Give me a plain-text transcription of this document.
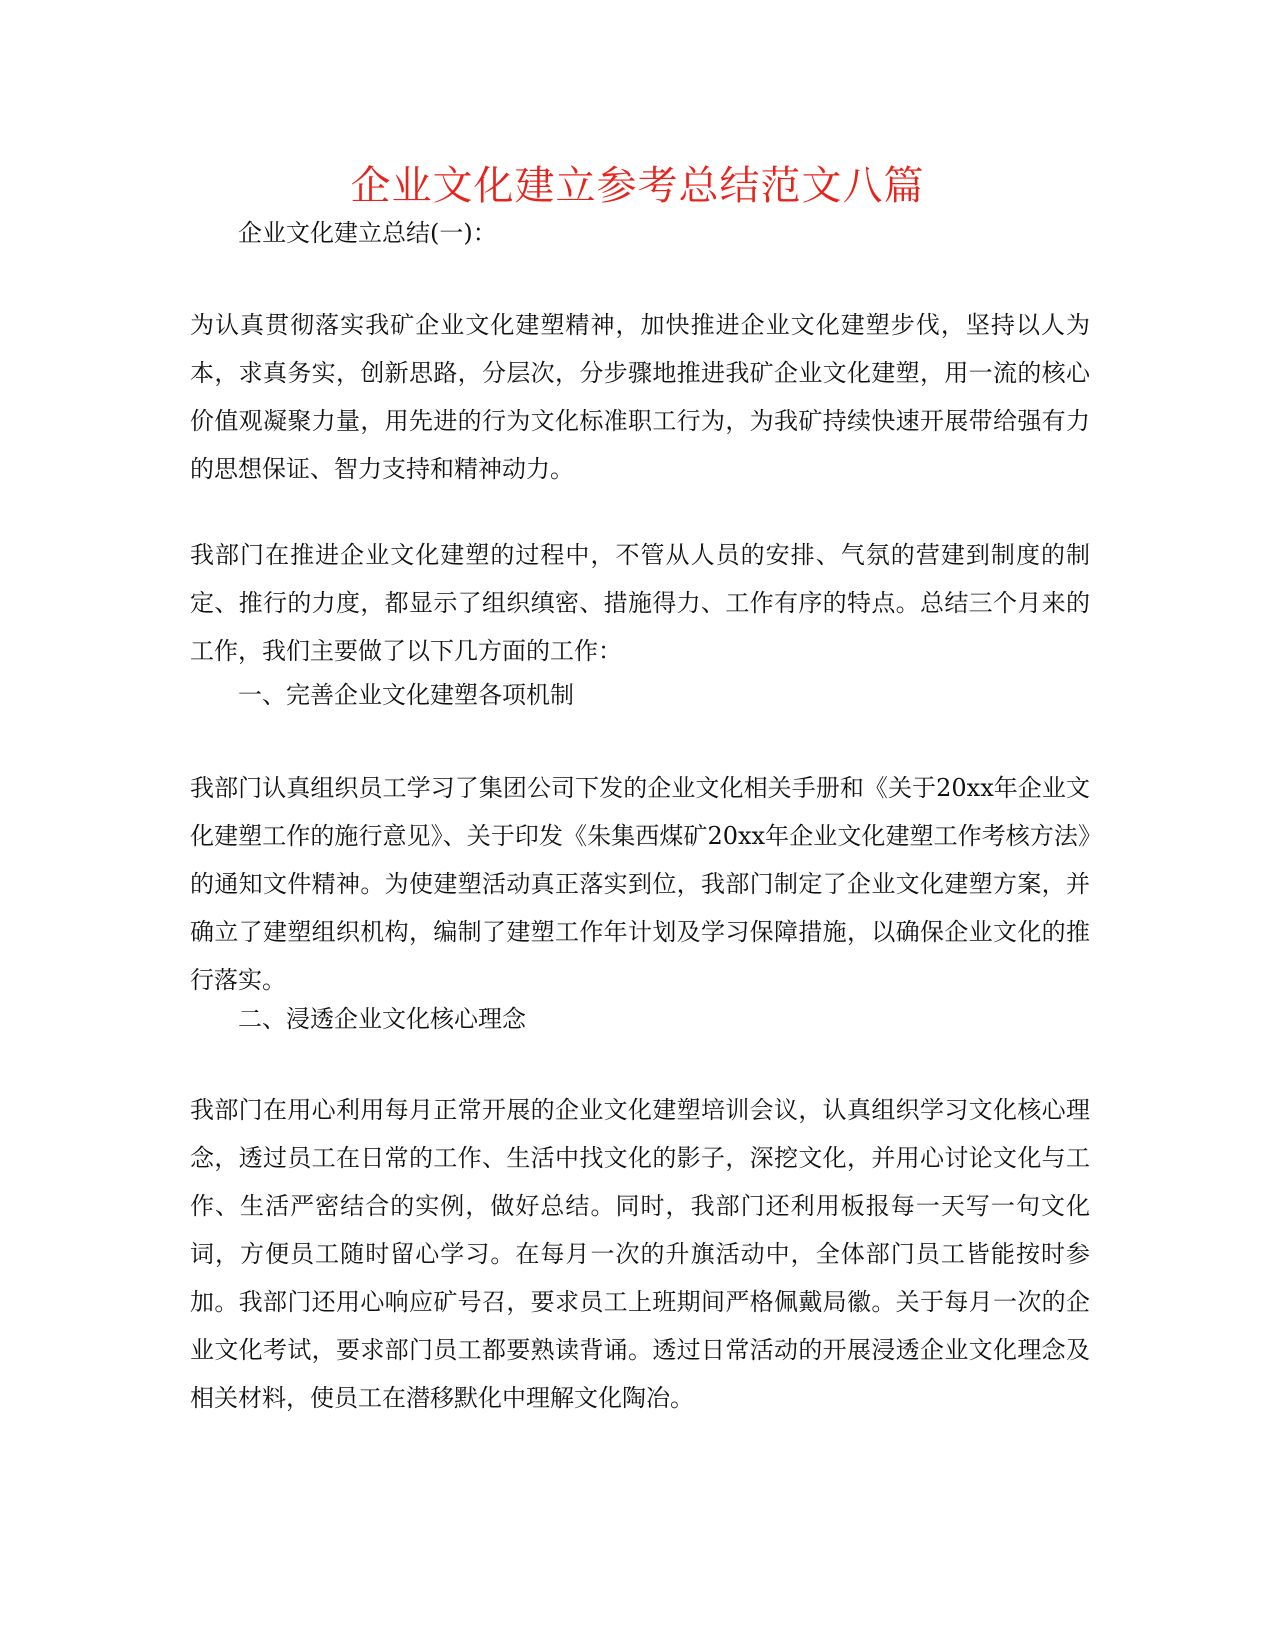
企业文化建立参考总结范文八篇

企业文化建立总结(一)：

为认真贯彻落实我矿企业文化建塑精神，加快推进企业文化建塑步伐，坚持以人为本，求真务实，创新思路，分层次，分步骤地推进我矿企业文化建塑，用一流的核心价值观凝聚力量，用先进的行为文化标准职工行为，为我矿持续快速开展带给强有力的思想保证、智力支持和精神动力。

我部门在推进企业文化建塑的过程中，不管从人员的安排、气氛的营建到制度的制定、推行的力度，都显示了组织缜密、措施得力、工作有序的特点。总结三个月来的工作，我们主要做了以下几方面的工作：

一、完善企业文化建塑各项机制

我部门认真组织员工学习了集团公司下发的企业文化相关手册和《关于20xx年企业文化建塑工作的施行意见》、关于印发《朱集西煤矿20xx年企业文化建塑工作考核方法》的通知文件精神。为使建塑活动真正落实到位，我部门制定了企业文化建塑方案，并确立了建塑组织机构，编制了建塑工作年计划及学习保障措施，以确保企业文化的推行落实。

二、浸透企业文化核心理念

我部门在用心利用每月正常开展的企业文化建塑培训会议，认真组织学习文化核心理念，透过员工在日常的工作、生活中找文化的影子，深挖文化，并用心讨论文化与工作、生活严密结合的实例，做好总结。同时，我部门还利用板报每一天写一句文化词，方便员工随时留心学习。在每月一次的升旗活动中，全体部门员工皆能按时参加。我部门还用心响应矿号召，要求员工上班期间严格佩戴局徽。关于每月一次的企业文化考试，要求部门员工都要熟读背诵。透过日常活动的开展浸透企业文化理念及相关材料，使员工在潜移默化中理解文化陶冶。
